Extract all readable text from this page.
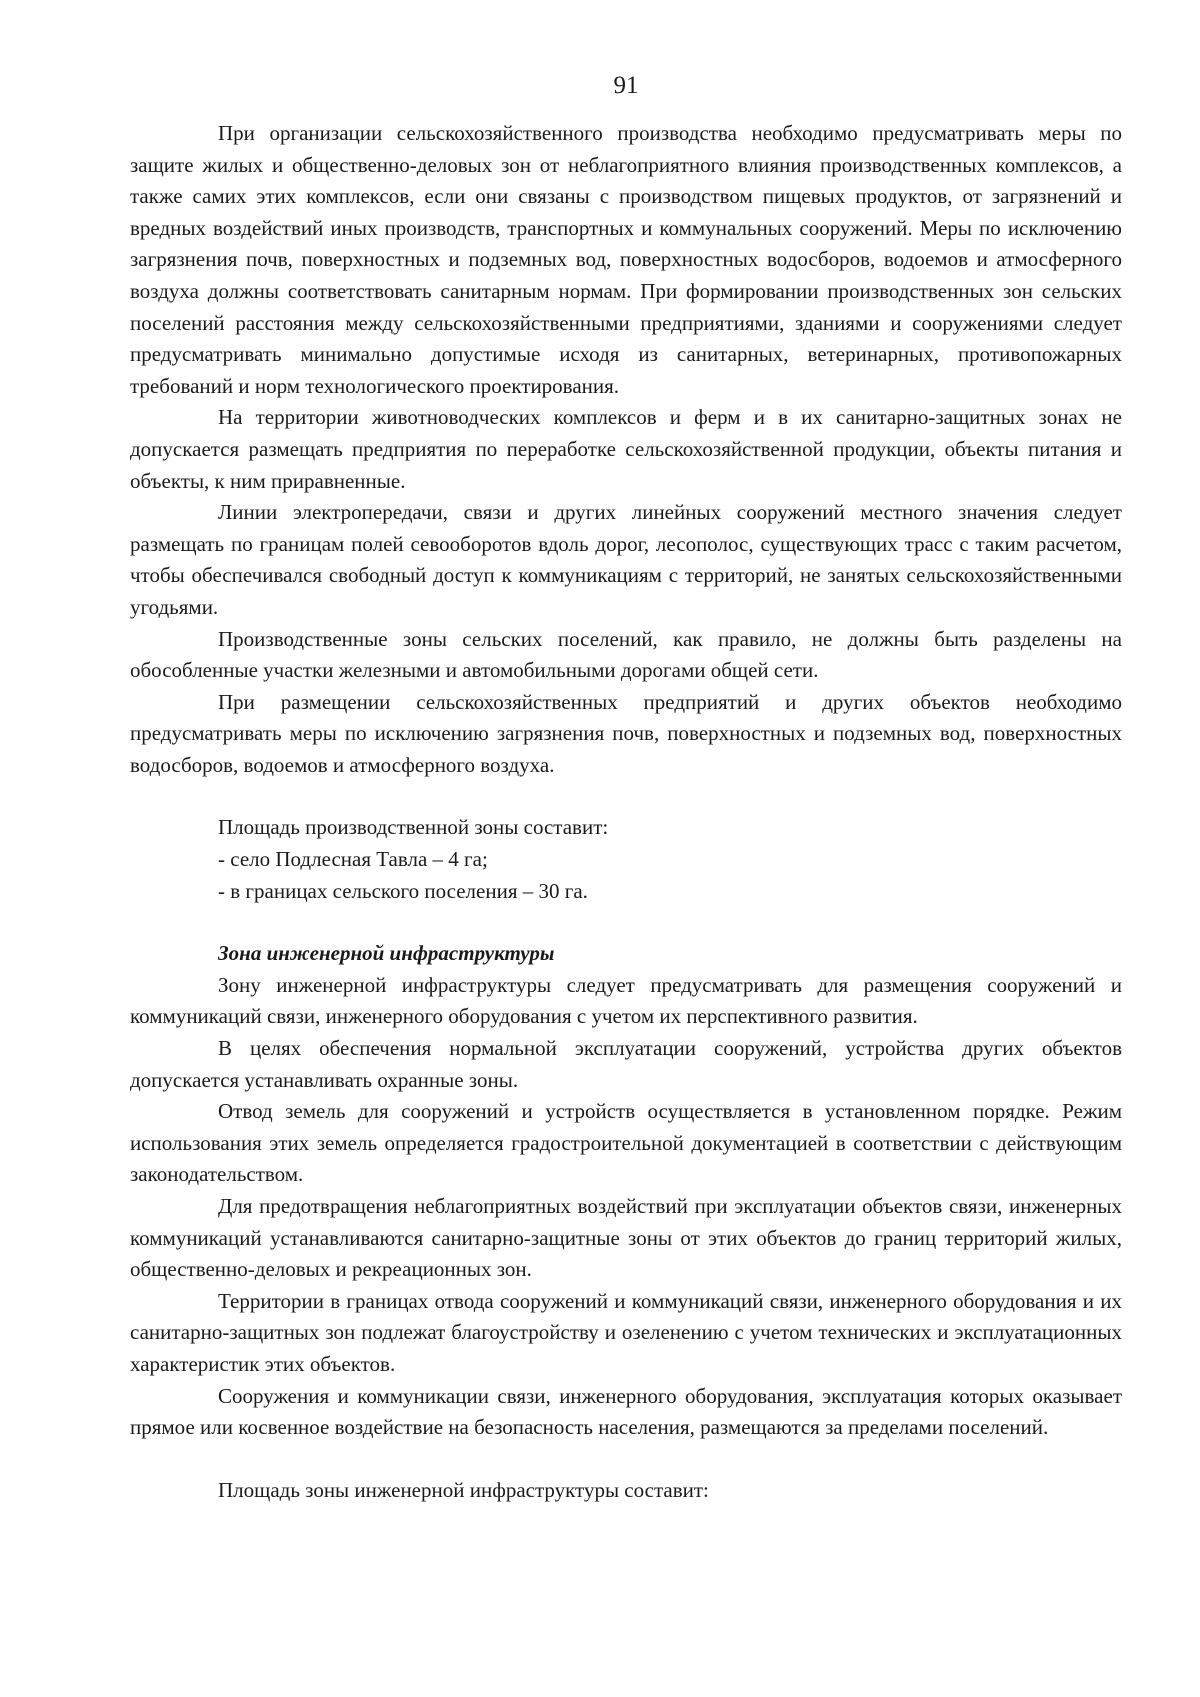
91

При организации сельскохозяйственного производства необходимо предусматривать меры по защите жилых и общественно-деловых зон от неблагоприятного влияния производственных комплексов, а также самих этих комплексов, если они связаны с производством пищевых продуктов, от загрязнений и вредных воздействий иных производств, транспортных и коммунальных сооружений. Меры по исключению загрязнения почв, поверхностных и подземных вод, поверхностных водосборов, водоемов и атмосферного воздуха должны соответствовать санитарным нормам. При формировании производственных зон сельских поселений расстояния между сельскохозяйственными предприятиями, зданиями и сооружениями следует предусматривать минимально допустимые исходя из санитарных, ветеринарных, противопожарных требований и норм технологического проектирования.

На территории животноводческих комплексов и ферм и в их санитарно-защитных зонах не допускается размещать предприятия по переработке сельскохозяйственной продукции, объекты питания и объекты, к ним приравненные.

Линии электропередачи, связи и других линейных сооружений местного значения следует размещать по границам полей севооборотов вдоль дорог, лесополос, существующих трасс с таким расчетом, чтобы обеспечивался свободный доступ к коммуникациям с территорий, не занятых сельскохозяйственными угодьями.

Производственные зоны сельских поселений, как правило, не должны быть разделены на обособленные участки железными и автомобильными дорогами общей сети.

При размещении сельскохозяйственных предприятий и других объектов необходимо предусматривать меры по исключению загрязнения почв, поверхностных и подземных вод, поверхностных водосборов, водоемов и атмосферного воздуха.

Площадь производственной зоны составит:

- село Подлесная Тавла – 4 га;

- в границах сельского поселения – 30 га.

Зона инженерной инфраструктуры

Зону инженерной инфраструктуры следует предусматривать для размещения сооружений и коммуникаций связи, инженерного оборудования с учетом их перспективного развития.

В целях обеспечения нормальной эксплуатации сооружений, устройства других объектов допускается устанавливать охранные зоны.

Отвод земель для сооружений и устройств осуществляется в установленном порядке. Режим использования этих земель определяется градостроительной документацией в соответствии с действующим законодательством.

Для предотвращения неблагоприятных воздействий при эксплуатации объектов связи, инженерных коммуникаций устанавливаются санитарно-защитные зоны от этих объектов до границ территорий жилых, общественно-деловых и рекреационных зон.

Территории в границах отвода сооружений и коммуникаций связи, инженерного оборудования и их санитарно-защитных зон подлежат благоустройству и озеленению с учетом технических и эксплуатационных характеристик этих объектов.

Сооружения и коммуникации связи, инженерного оборудования, эксплуатация которых оказывает прямое или косвенное воздействие на безопасность населения, размещаются за пределами поселений.

Площадь зоны инженерной инфраструктуры составит:
